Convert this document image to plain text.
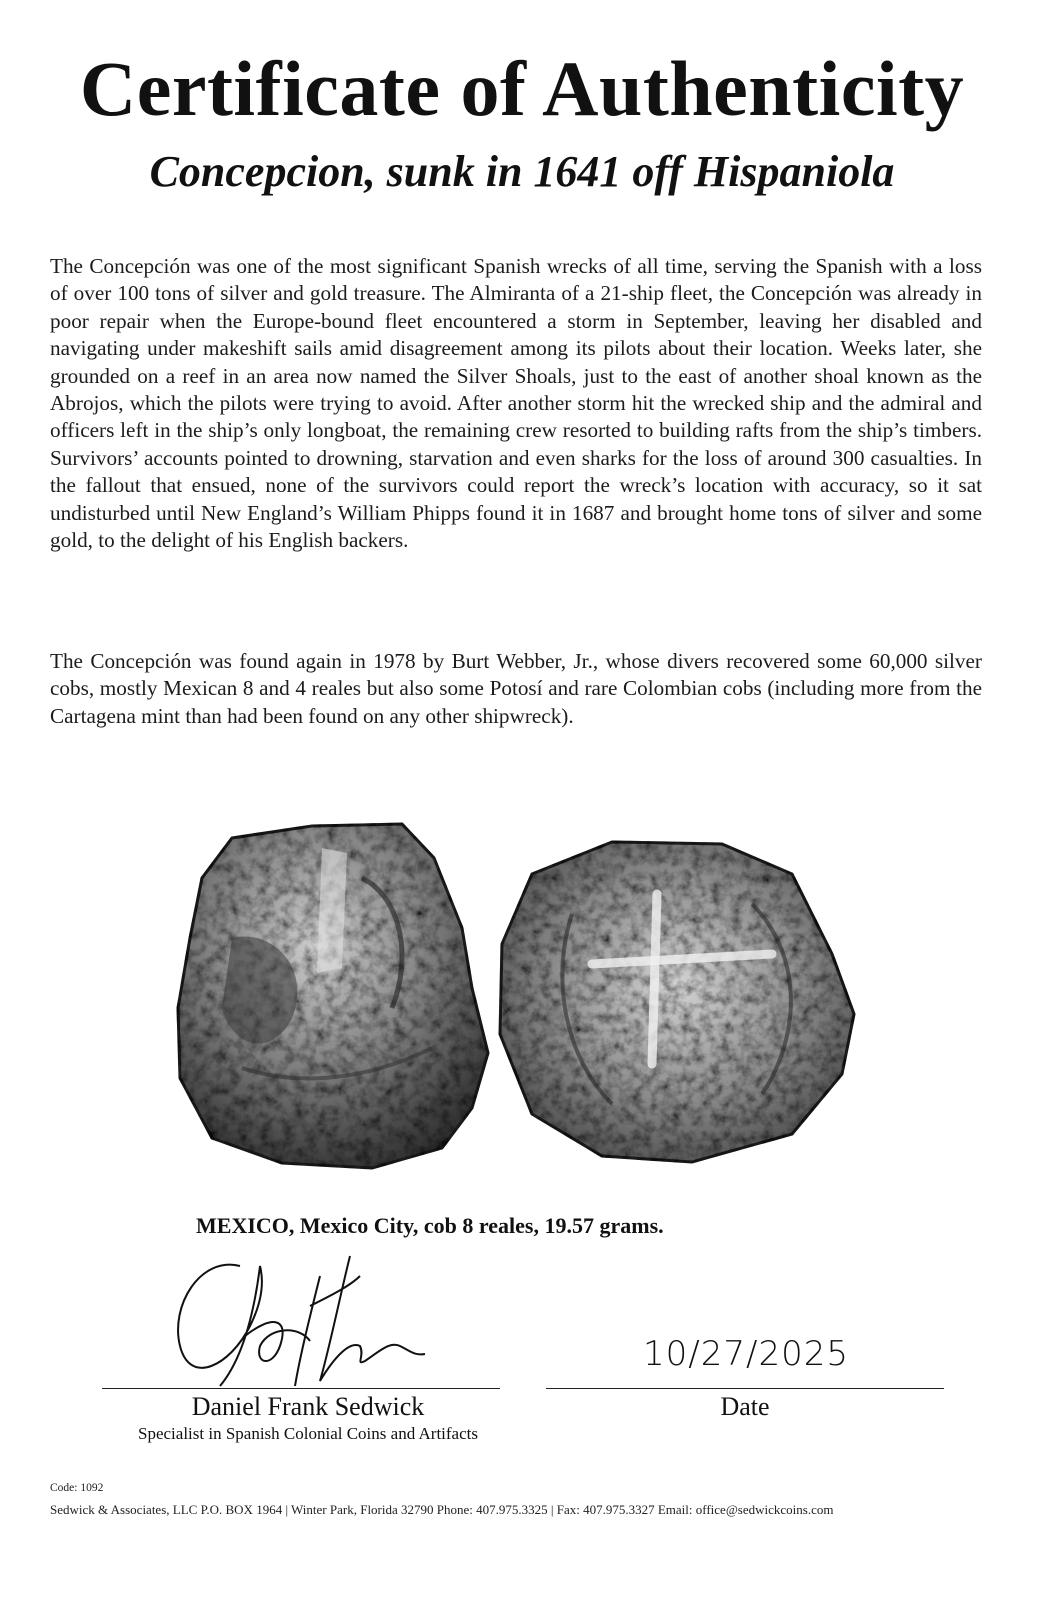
Certificate of Authenticity
Concepcion, sunk in 1641 off Hispaniola

The Concepción was one of the most significant Spanish wrecks of all time, serving the Spanish with a loss of over 100 tons of silver and gold treasure. The Almiranta of a 21-ship fleet, the Concepción was already in poor repair when the Europe-bound fleet encountered a storm in September, leaving her disabled and navigating under makeshift sails amid disagreement among its pilots about their location. Weeks later, she grounded on a reef in an area now named the Silver Shoals, just to the east of another shoal known as the Abrojos, which the pilots were trying to avoid. After another storm hit the wrecked ship and the admiral and officers left in the ship’s only longboat, the remaining crew resorted to building rafts from the ship’s timbers. Survivors’ accounts pointed to drowning, starvation and even sharks for the loss of around 300 casualties. In the fallout that ensued, none of the survivors could report the wreck’s location with accuracy, so it sat undisturbed until New England’s William Phipps found it in 1687 and brought home tons of silver and some gold, to the delight of his English backers.

The Concepción was found again in 1978 by Burt Webber, Jr., whose divers recovered some 60,000 silver cobs, mostly Mexican 8 and 4 reales but also some Potosí and rare Colombian cobs (including more from the Cartagena mint than had been found on any other shipwreck).

MEXICO, Mexico City, cob 8 reales, 19.57 grams.
10/27/2025
Daniel Frank Sedwick
Specialist in Spanish Colonial Coins and Artifacts
Date
Code: 1092
Sedwick & Associates, LLC P.O. BOX 1964 | Winter Park, Florida 32790 Phone: 407.975.3325 | Fax: 407.975.3327 Email: office@sedwickcoins.com
